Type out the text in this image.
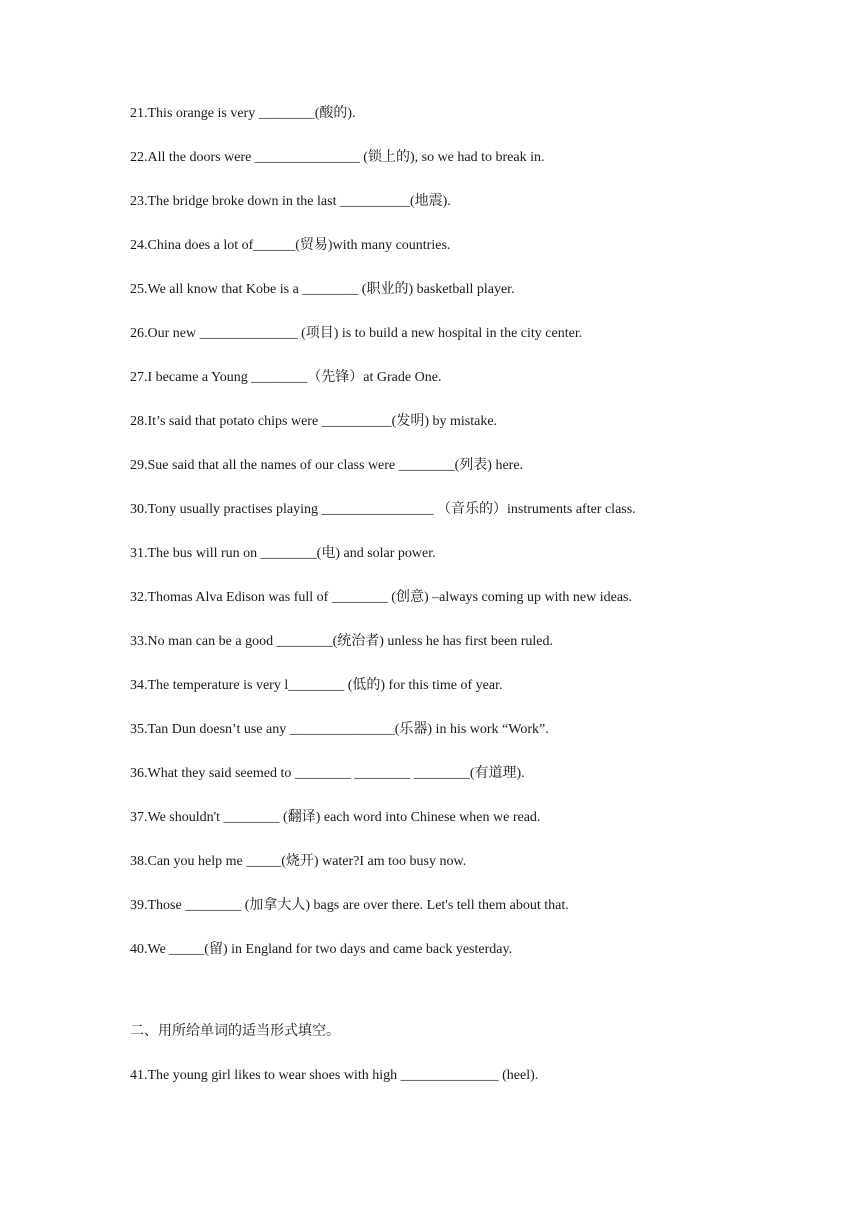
21.This orange is very ________(酸的).
22.All the doors were _______________ (锁上的), so we had to break in.
23.The bridge broke down in the last __________(地震).
24.China does a lot of______(贸易)with many countries.
25.We all know that Kobe is a ________ (职业的) basketball player.
26.Our new ______________ (项目) is to build a new hospital in the city center.
27.I became a Young ________（先锋）at Grade One.
28.It’s said that potato chips were __________(发明) by mistake.
29.Sue said that all the names of our class were ________(列表) here.
30.Tony usually practises playing ________________ （音乐的）instruments after class.
31.The bus will run on ________(电) and solar power.
32.Thomas Alva Edison was full of ________ (创意) –always coming up with new ideas.
33.No man can be a good ________(统治者) unless he has first been ruled.
34.The temperature is very l________ (低的) for this time of year.
35.Tan Dun doesn’t use any _______________(乐器) in his work “Work”.
36.What they said seemed to ________ ________ ________(有道理).
37.We shouldn't ________ (翻译) each word into Chinese when we read.
38.Can you help me _____(烧开) water?I am too busy now.
39.Those ________ (加拿大人) bags are over there. Let's tell them about that.
40.We _____(留) in England for two days and came back yesterday.
二、用所给单词的适当形式填空。
41.The young girl likes to wear shoes with high ______________ (heel).
